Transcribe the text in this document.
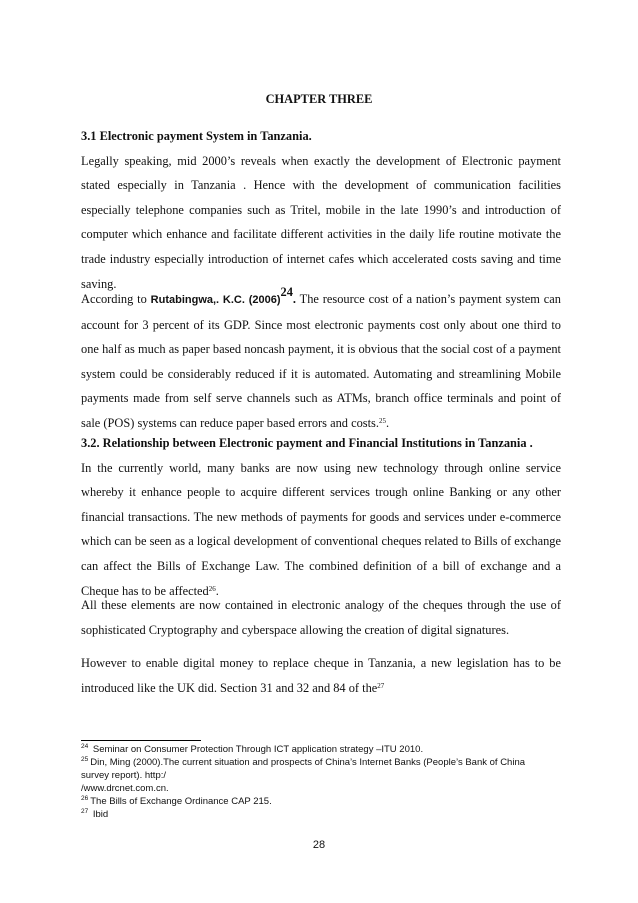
CHAPTER THREE
3.1 Electronic payment System in Tanzania.
Legally speaking, mid 2000’s reveals when exactly the development of Electronic payment stated especially in Tanzania . Hence with the development of communication facilities especially telephone companies such as Tritel, mobile in the late 1990’s and introduction of computer which enhance and facilitate different activities in the daily life routine motivate the trade industry especially introduction of internet cafes which accelerated costs saving and time saving.
According to Rutabingwa,. K.C. $(2006)^{24}$. The resource cost of a nation’s payment system can account for 3 percent of its GDP. Since most electronic payments cost only about one third to one half as much as paper based noncash payment, it is obvious that the social cost of a payment system could be considerably reduced if it is automated. Automating and streamlining Mobile payments made from self serve channels such as ATMs, branch office terminals and point of sale (POS) systems can reduce paper based errors and costs.$^{25}$.
3.2. Relationship between Electronic payment and Financial Institutions in Tanzania .
In the currently world, many banks are now using new technology through online service whereby it enhance people to acquire different services trough online Banking or any other financial transactions. The new methods of payments for goods and services under e-commerce which can be seen as a logical development of conventional cheques related to Bills of exchange can affect the Bills of Exchange Law. The combined definition of a bill of exchange and a Cheque has to be affected$^{26}$.
All these elements are now contained in electronic analogy of the cheques through the use of sophisticated Cryptography and cyberspace allowing the creation of digital signatures.
However to enable digital money to replace cheque in Tanzania, a new legislation has to be introduced like the UK did. Section 31 and 32 and 84 of the$^{27}$
$^{24}$ Seminar on Consumer Protection Through ICT application strategy –ITU 2010.
$^{25}$ Din, Ming (2000).The current situation and prospects of China’s Internet Banks (People’s Bank of China survey report). http:/
/www.drcnet.com.cn.
$^{26}$ The Bills of Exchange Ordinance CAP 215.
$^{27}$ Ibid
28
